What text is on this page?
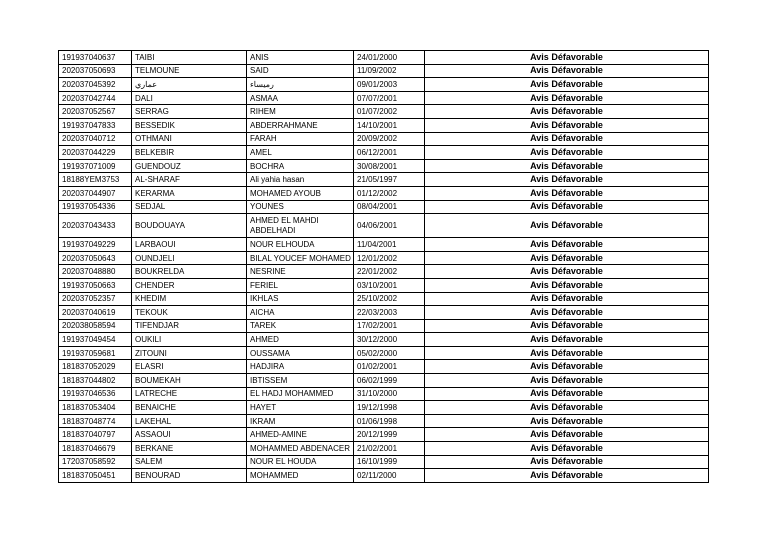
191937040637	TAIBI	ANIS	24/01/2000	Avis Défavorable
202037050693	TELMOUNE	SAID	11/09/2002	Avis Défavorable
202037045392	عماري	رميساء	09/01/2003	Avis Défavorable
202037042744	DALI	ASMAA	07/07/2001	Avis Défavorable
202037052567	SERRAG	RIHEM	01/07/2002	Avis Défavorable
191937047833	BESSEDIK	ABDERRAHMANE	14/10/2001	Avis Défavorable
202037040712	OTHMANI	FARAH	20/09/2002	Avis Défavorable
202037044229	BELKEBIR	AMEL	06/12/2001	Avis Défavorable
191937071009	GUENDOUZ	BOCHRA	30/08/2001	Avis Défavorable
18188YEM3753	AL-SHARAF	Ali yahia hasan	21/05/1997	Avis Défavorable
202037044907	KERARMA	MOHAMED AYOUB	01/12/2002	Avis Défavorable
191937054336	SEDJAL	YOUNES	08/04/2001	Avis Défavorable
202037043433	BOUDOUAYA	AHMED EL MAHDI ABDELHADI	04/06/2001	Avis Défavorable
191937049229	LARBAOUI	NOUR ELHOUDA	11/04/2001	Avis Défavorable
202037050643	OUNDJELI	BILAL YOUCEF MOHAMED	12/01/2002	Avis Défavorable
202037048880	BOUKRELDA	NESRINE	22/01/2002	Avis Défavorable
191937050663	CHENDER	FERIEL	03/10/2001	Avis Défavorable
202037052357	KHEDIM	IKHLAS	25/10/2002	Avis Défavorable
202037040619	TEKOUK	AICHA	22/03/2003	Avis Défavorable
202038058594	TIFENDJAR	TAREK	17/02/2001	Avis Défavorable
191937049454	OUKILI	AHMED	30/12/2000	Avis Défavorable
191937059681	ZITOUNI	OUSSAMA	05/02/2000	Avis Défavorable
181837052029	ELASRI	HADJIRA	01/02/2001	Avis Défavorable
181837044802	BOUMEKAH	IBTISSEM	06/02/1999	Avis Défavorable
191937046536	LATRECHE	EL HADJ MOHAMMED	31/10/2000	Avis Défavorable
181837053404	BENAICHE	HAYET	19/12/1998	Avis Défavorable
181837048774	LAKEHAL	IKRAM	01/06/1998	Avis Défavorable
181837040797	ASSAOUI	AHMED-AMINE	20/12/1999	Avis Défavorable
181837046679	BERKANE	MOHAMMED ABDENACER	21/02/2001	Avis Défavorable
172037058592	SALEM	NOUR EL HOUDA	16/10/1999	Avis Défavorable
181837050451	BENOURAD	MOHAMMED	02/11/2000	Avis Défavorable
